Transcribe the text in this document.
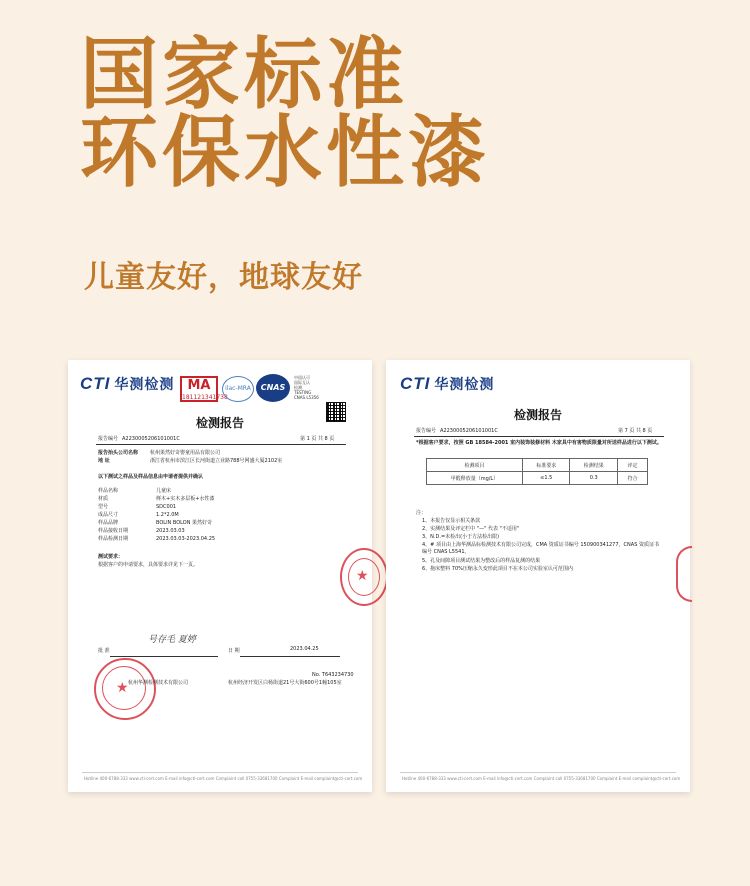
国家标准
环保水性漆
儿童友好，地球友好
CTI 华测检测	MA
181121341738
ilac-MRA	CNAS
中国认可
国际互认
检测
TESTING
CNAS L5356
检测报告
报告编号 A2230005206101001C	第 1 页 共 8 页
报告抬头公司名称 杭州果然好奇婴童用品有限公司
地 址	浙江省杭州市滨江区长河街道立业路788号网盛大厦2102室
以下测试之样品及样品信息由申请者提供并确认
样品名称	儿童床
材质	榉木+实木多层板+水性漆
型号	SDC001
成品尺寸	1.2*2.0M
样品品牌	BOLIN BOLON 果然好奇
样品接收日期	2023.03.03
样品检测日期	2023.03.03-2023.04.25
测试要求：
根据客户的申请要求，具体要求详见下一页。
★
号存毛 夏婷
批 准	日 期	2023.04.25
★
No. T643234730
杭州经济开发区白杨街道21号大街600号1幢105室
杭州华测检测技术有限公司
Hotline 400-6788-333 www.cti-cert.com E-mail info@cti-cert.com Complaint call 0755-33681700 Complaint E-mail complaint@cti-cert.com
CTI 华测检测
检测报告
报告编号 A2230005206101001C	第 7 页 共 8 页
*根据客户要求，按照 GB 18584-2001 室内装饰装修材料 木家具中有害物质限量对所送样品进行以下测试。
检测项目	标准要求	检测结果	评定
甲醛释放量（mg/L）	≤1.5	0.3	符合
注：
1、本报告仅显示相关条款
2、实测结果及评定栏中 "—" 代表 "不适用"
3、N.D.=未检出(小于方法检出限)
4、# 项目由上海华测品标检测技术有限公司完成，CMA 资质证书编号 150900341277，CNAS 资质证书编号 CNAS L5541。
5、孔及间隙项目测试结果为整改后的样品复测的结果
6、拖床整料 70%压缩永久变形此项目不在本公司实验室认可范围内
Hotline 400-6788-333 www.cti-cert.com E-mail info@cti-cert.com Complaint call 0755-33681700 Complaint E-mail complaint@cti-cert.com
